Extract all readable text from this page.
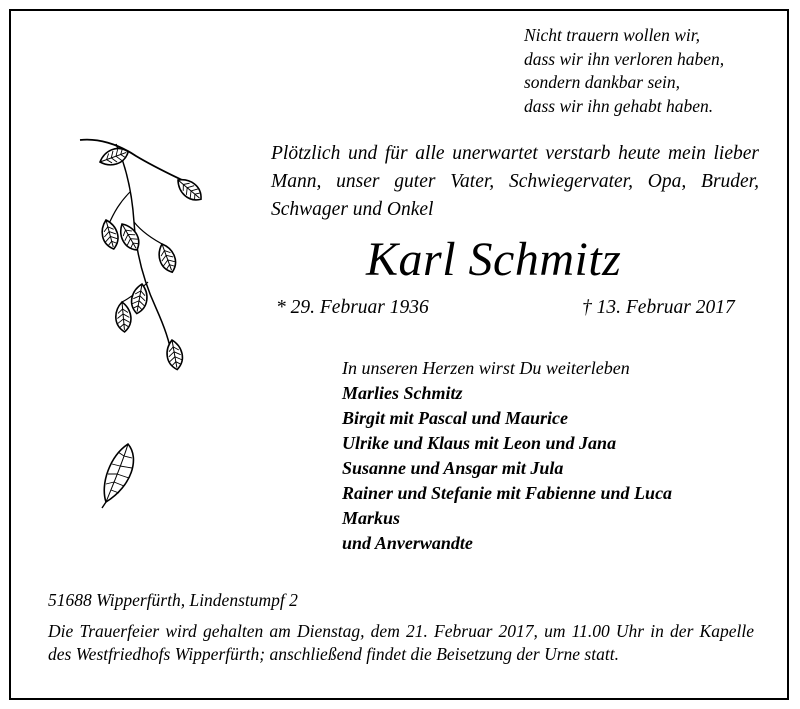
Nicht trauern wollen wir,
dass wir ihn verloren haben,
sondern dankbar sein,
dass wir ihn gehabt haben.
Plötzlich und für alle unerwartet verstarb heute mein lieber Mann, unser guter Vater, Schwiegervater, Opa, Bruder, Schwager und Onkel
Karl Schmitz
* 29. Februar 1936	† 13. Februar 2017
In unseren Herzen wirst Du weiterleben
Marlies Schmitz
Birgit mit Pascal und Maurice
Ulrike und Klaus mit Leon und Jana
Susanne und Ansgar mit Jula
Rainer und Stefanie mit Fabienne und Luca
Markus
und Anverwandte
51688 Wipperfürth, Lindenstumpf 2
Die Trauerfeier wird gehalten am Dienstag, dem 21. Februar 2017, um 11.00 Uhr in der Kapelle des Westfriedhofs Wipperfürth; anschließend findet die Beisetzung der Urne statt.
